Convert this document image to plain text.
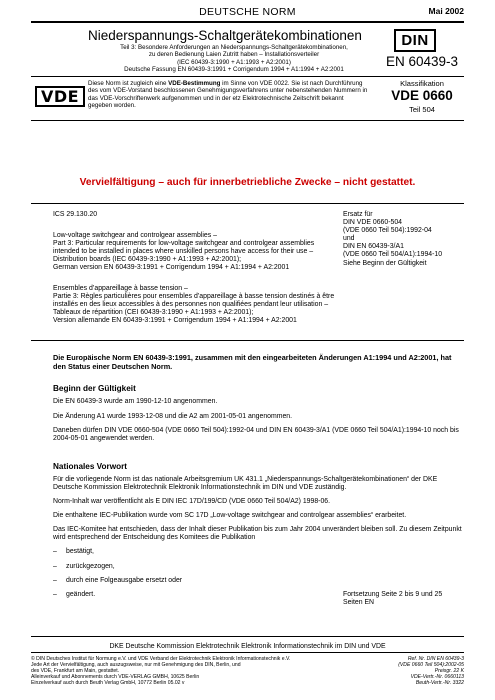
DEUTSCHE NORM	Mai 2002
Niederspannungs-Schaltgerätekombinationen
Teil 3: Besondere Anforderungen an Niederspannungs-Schaltgerätekombinationen,
zu deren Bedienung Laien Zutritt haben – Installationsverteiler
(IEC 60439-3:1990 + A1:1993 + A2:2001)
Deutsche Fassung EN 60439-3:1991 + Corrigendum 1994 + A1:1994 + A2:2001
DIN
EN 60439-3
VDE
Diese Norm ist zugleich eine VDE-Bestimmung im Sinne von VDE 0022. Sie ist nach Durchführung des vom VDE-Vorstand beschlossenen Genehmigungsverfahrens unter nebenstehenden Nummern in das VDE-Vorschriftenwerk aufgenommen und in der etz Elektrotechnische Zeitschrift bekannt gegeben worden.
Klassifikation
VDE 0660
Teil 504
Vervielfältigung – auch für innerbetriebliche Zwecke – nicht gestattet.
ICS 29.130.20	Ersatz für
DIN VDE 0660-504
(VDE 0660 Teil 504):1992-04
und
DIN EN 60439-3/A1
(VDE 0660 Teil 504/A1):1994-10
Siehe Beginn der Gültigkeit
Low-voltage switchgear and controlgear assemblies –
Part 3: Particular requirements for low-voltage switchgear and controlgear assemblies intended to be installed in places where unskilled persons have access for their use – Distribution boards (IEC 60439-3:1990 + A1:1993 + A2:2001);
German version EN 60439-3:1991 + Corrigendum 1994 + A1:1994 + A2:2001
Ensembles d’appareillage à basse tension –
Partie 3: Règles particulières pour ensembles d’appareillage à basse tension destinés à être installés en des lieux accessibles à des personnes non qualifiées pendant leur utilisation – Tableaux de répartition (CEI 60439-3:1990 + A1:1993 + A2:2001);
Version allemande EN 60439-3:1991 + Corrigendum 1994 + A1:1994 + A2:2001
Die Europäische Norm EN 60439-3:1991, zusammen mit den eingearbeiteten Änderungen A1:1994 und A2:2001, hat den Status einer Deutschen Norm.
Beginn der Gültigkeit
Die EN 60439-3 wurde am 1990-12-10 angenommen.
Die Änderung A1 wurde 1993-12-08 und die A2 am 2001-05-01 angenommen.
Daneben dürfen DIN VDE 0660-504 (VDE 0660 Teil 504):1992-04 und DIN EN 60439-3/A1 (VDE 0660 Teil 504/A1):1994-10 noch bis 2004-05-01 angewendet werden.
Nationales Vorwort
Für die vorliegende Norm ist das nationale Arbeitsgremium UK 431.1 „Niederspannungs-Schaltgerätekombinationen“ der DKE Deutsche Kommission Elektrotechnik Elektronik Informationstechnik im DIN und VDE zuständig.
Norm-Inhalt war veröffentlicht als E DIN IEC 17D/199/CD (VDE 0660 Teil 504/A2) 1998-06.
Die enthaltene IEC-Publikation wurde vom SC 17D „Low-voltage switchgear and controlgear assemblies“ erarbeitet.
Das IEC-Komitee hat entschieden, dass der Inhalt dieser Publikation bis zum Jahr 2004 unverändert bleiben soll. Zu diesem Zeitpunkt wird entsprechend der Entscheidung des Komitees die Publikation
– bestätigt,
– zurückgezogen,
– durch eine Folgeausgabe ersetzt oder
– geändert.	Fortsetzung Seite 2 bis 9 und 25 Seiten EN
DKE Deutsche Kommission Elektrotechnik Elektronik Informationstechnik im DIN und VDE
© DIN Deutsches Institut für Normung e.V. und VDE Verband der Elektrotechnik Elektronik Informationstechnik e.V.
Jede Art der Vervielfältigung, auch auszugsweise, nur mit Genehmigung des DIN, Berlin, und
des VDE, Frankfurt am Main, gestattet.
Alleinverkauf und Abonnements durch VDE-VERLAG GMBH, 10625 Berlin
Einzelverkauf auch durch Beuth Verlag GmbH, 10772 Berlin 05.02 v
Ref. Nr. DIN EN 60439-3
(VDE 0660 Teil 504):2002-05
Preisgr. 22 K
VDE-Vertr.-Nr. 0660113
Beuth-Vertr.-Nr. 3322
